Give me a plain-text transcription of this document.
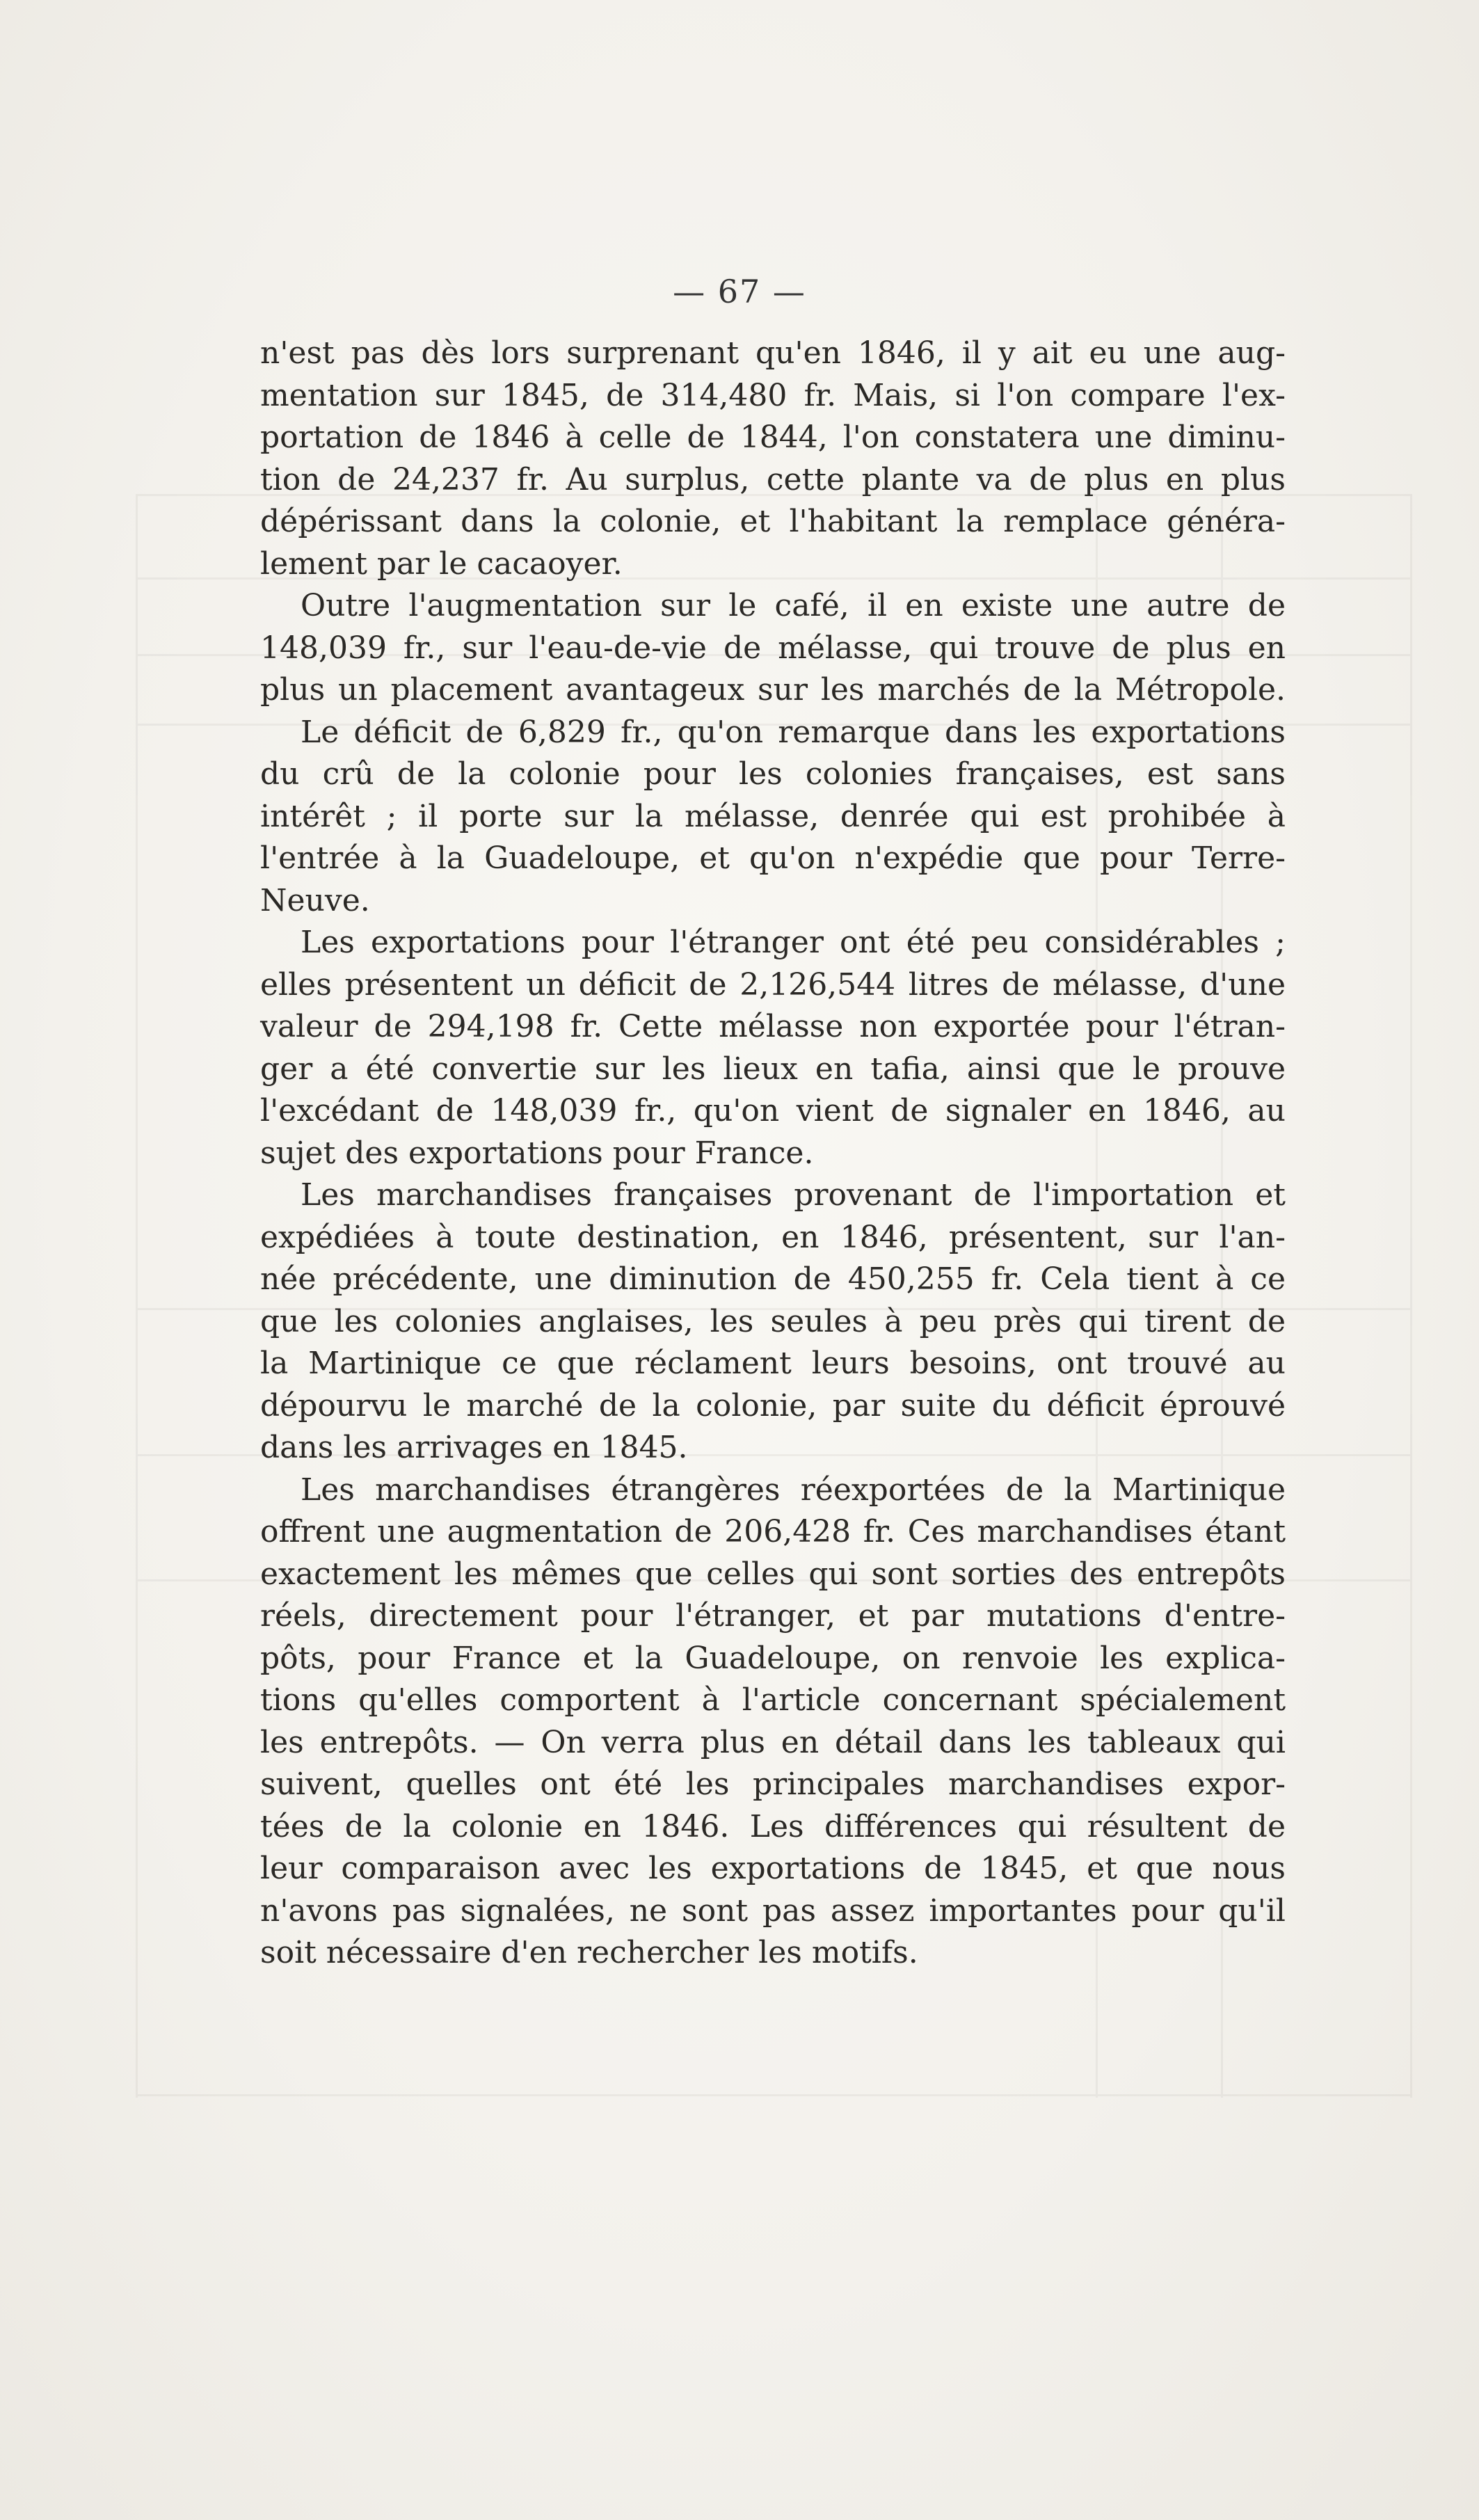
— 67 —
n'est pas dès lors surprenant qu'en 1846, il y ait eu une aug-
mentation sur 1845, de 314,480 fr. Mais, si l'on compare l'ex-
portation de 1846 à celle de 1844, l'on constatera une diminu-
tion de 24,237 fr. Au surplus, cette plante va de plus en plus
dépérissant dans la colonie, et l'habitant la remplace généra-
lement par le cacaoyer.
Outre l'augmentation sur le café, il en existe une autre de
148,039 fr., sur l'eau-de-vie de mélasse, qui trouve de plus en
plus un placement avantageux sur les marchés de la Métropole.
Le déficit de 6,829 fr., qu'on remarque dans les exportations
du crû de la colonie pour les colonies françaises, est sans
intérêt ; il porte sur la mélasse, denrée qui est prohibée à
l'entrée à la Guadeloupe, et qu'on n'expédie que pour Terre-
Neuve.
Les exportations pour l'étranger ont été peu considérables ;
elles présentent un déficit de 2,126,544 litres de mélasse, d'une
valeur de 294,198 fr. Cette mélasse non exportée pour l'étran-
ger a été convertie sur les lieux en tafia, ainsi que le prouve
l'excédant de 148,039 fr., qu'on vient de signaler en 1846, au
sujet des exportations pour France.
Les marchandises françaises provenant de l'importation et
expédiées à toute destination, en 1846, présentent, sur l'an-
née précédente, une diminution de 450,255 fr. Cela tient à ce
que les colonies anglaises, les seules à peu près qui tirent de
la Martinique ce que réclament leurs besoins, ont trouvé au
dépourvu le marché de la colonie, par suite du déficit éprouvé
dans les arrivages en 1845.
Les marchandises étrangères réexportées de la Martinique
offrent une augmentation de 206,428 fr. Ces marchandises étant
exactement les mêmes que celles qui sont sorties des entrepôts
réels, directement pour l'étranger, et par mutations d'entre-
pôts, pour France et la Guadeloupe, on renvoie les explica-
tions qu'elles comportent à l'article concernant spécialement
les entrepôts. — On verra plus en détail dans les tableaux qui
suivent, quelles ont été les principales marchandises expor-
tées de la colonie en 1846. Les différences qui résultent de
leur comparaison avec les exportations de 1845, et que nous
n'avons pas signalées, ne sont pas assez importantes pour qu'il
soit nécessaire d'en rechercher les motifs.
